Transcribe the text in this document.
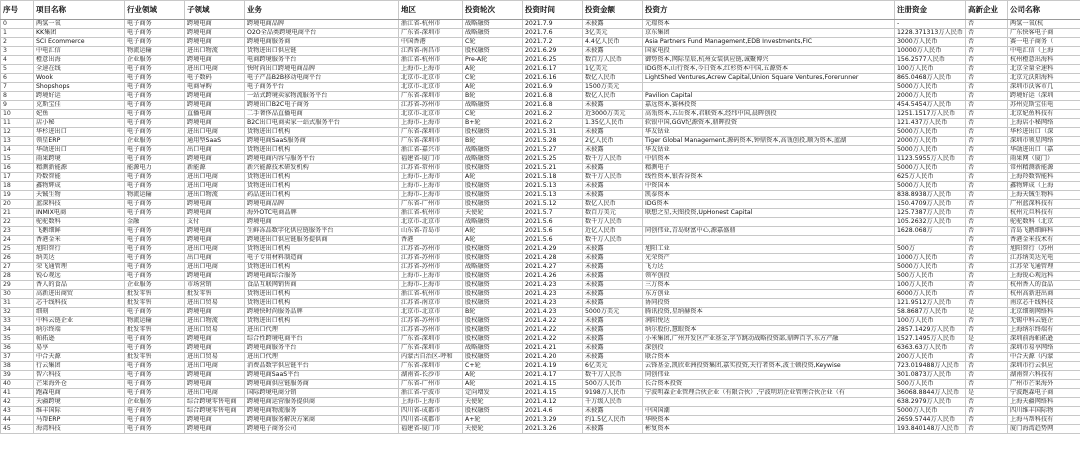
序号	项目名称	行业领域	子领域	业务	地区	投资轮次	投资时间	投资金额	投资方	注册资金	高新企业	公司名称
0	两氢一氧	电子商务	跨境电商	跨境电商品牌	浙江省-杭州市	战略融资	2021.7.9	未披露	元璟资本	-	否	两氢一氧(杭
1	KK集团	电子商务	跨境电商	O2O全品类跨境电商平台	广东省-深圳市	战略融资	2021.7.6	3亿美元	京东集团	1228.371313万人民币	否	广东快客电子商
2	SCI Ecommerce	电子商务	跨境电商	跨境电商服务商	中国香港	C轮	2021.7.2	4.4亿人民币	Asia Partners Fund Management,EDB Investments,FIC	3000万人民币	否	赛一电子商务（
3	中电汇信	物流运输	进出口物流	货物进出口供应链	江西省-南昌市	股权融资	2021.6.29	未披露	国家电投	10000万人民币	否	中电汇信（上海
4	橙意出海	企业服务	跨境电商	电商跨境服务平台	浙江省-杭州市	Pre-A轮	2021.6.25	数百万人民币	御势资本,网际星辰,杭州女装供应链,诚聚博兴	156.2577人民币	否	杭州橙意出海科
5	全速在线	电子商务	进出口电商	快时尚出口跨境电商品牌	上海市-上海市	A轮	2021.6.17	1亿美元	IDG资本,山行资本,今日资本,红杉资本中国,五源资本	100万人民币	否	北京全量全速科
6	Wook	电子商务	电子数码	电子产品B2B移动电商平台	北京市-北京市	C轮	2021.6.16	数亿人民币	LightShed Ventures,Acrew Capital,Union Square Ventures,Forerunner	865.0468万人民币	否	北京元沃阳海科
7	Shopshops	电子商务	电商导购	电子商务平台	北京市-北京市	A轮	2021.6.9	1500万美元		5000万人民币	否	深圳市沃客市几
8	跨境好运	电子商务	跨境电商	一站式跨境卖家物流服务平台	广东省-深圳市	B轮	2021.6.8	数亿人民币	Pavilion Capital	2000万人民币	否	跨境好运（深圳
9	克斯宝佳	电子商务	跨境电商	跨境出口B2C电子商务	江苏省-苏州市	战略融资	2021.6.8	未披露	嘉远资本,赛林投资	454.5454万人民币	否	苏州克斯宝佳电
10	妃鱼	电子商务	直播电商	二手奢侈品直播电商	北京市-北京市	C轮	2021.6.2	近3000万美元	高瓴资本,五岳资本,君联资本,经纬中国,晨晖创投	1251.1517万人民币	否	北京妃鱼科技有
11	店小秘	电子商务	跨境电商	B2C出口电商卖家一站式服务平台	上海市-上海市	B+轮	2021.6.2	1.35亿人民币	软银中国,GGV纪源资本,鼎晖投资	121.437万人民币	否	上海店小秘网络
12	华杉进出口	电子商务	进出口电商	货物进出口机构	广东省-深圳市	股权融资	2021.5.31	未披露	华友钴业	5000万人民币	否	华杉进出口（深
13	领星ERP	企业服务	通用型SaaS	跨境电商SaaS服务商	广东省-深圳市	B轮	2021.5.28	2亿人民币	Tiger Global Management,源码资本,钟鼎资本,高瓴创投,顺为资本,蓝湖	2000万人民币	否	深圳市领星网络
14	华勋进出口	电子商务	出口电商	货物进出口机构	浙江省-嘉兴市	战略融资	2021.5.27	未披露	华友钴业	5000万人民币	否	华勋进出口（嘉
15	雨果跨境	电子商务	跨境电商	跨境电商内容与服务平台	福建省-厦门市	战略融资	2021.5.25	数千万人民币	中信资本	1123.5955万人民币	否	雨果网（厦门）
16	精测新能源	能源电力	新能源	新兴能源技术研发机构	江苏省-常州市	股权融资	2021.5.21	未披露	精测电子	5000万人民币	否	常州精测新能源
17	羚数智能	电子商务	进出口电商	货物进出口机构	上海市-上海市	A轮	2021.5.18	数千万人民币	线性资本,银杏谷资本	625万人民币	否	上海羚数智能科
18	鑫物辉成	电子商务	进出口电商	货物进出口机构	上海市-上海市	股权融资	2021.5.13	未披露	中资国本	5000万人民币	否	鑫物辉成（上海
19	天铖生物	物流运输	进出口物流	药品进出口机构	上海市-上海市	股权融资	2021.5.13	未披露	凯泰资本	838.8938万人民币	否	上海天铖生物科
20	蓝深科技	电子商务	跨境电商	跨境电商品牌	广东省-广州市	股权融资	2021.5.12	数亿人民币	IDG资本	150.4709万人民币	否	广州蓝深科技有
21	INMIX电商	电子商务	跨境电商	海外OTC电商品牌	浙江省-杭州市	天使轮	2021.5.7	数百万美元	联想之星,天图投资,UpHonest Capital	125.7387万人民币	否	杭州元旦科技有
22	驼驼数科	金融	支付	跨境电商	北京市-北京市	战略融资	2021.5.6	数千万人民币		105.2632万人民币	否	驼驼数科（北京
23	飞鹅细鲜	电子商务	跨境电商	生鲜冻品数字化供应链服务平台	山东省-青岛市	A轮	2021.5.6	近亿人民币	同创伟业,青岛财富中心,源嘉盛鼎	1628.068万	否	青岛飞鹅细鲜科
24	香港金米	电子商务	跨境电商	跨境进出口供应链服务提供商	香港	A轮	2021.5.6	数千万人民币			否	香港金米技术有
25	旭阳智行	电子商务	进出口电商	货物进出口机构	江苏省-苏州市	股权融资	2021.4.29	未披露	旭阳工业	500万	否	旭阳智行（苏州
26	纳美达	电子商务	出口电商	电子专用材料制造商	江苏省-苏州市	股权融资	2021.4.28	未披露	光荣资产	1000万人民币	否	江苏纳美达光电
27	荣飞通管理	电子商务	进出口电商	货物进出口机构	江苏省-苏州市	战略融资	2021.4.27	未披露	飞力达	5000万人民币	否	江苏荣飞通管理
28	锐心观远	电子商务	跨境电商	跨境电商综合服务	上海市-上海市	股权融资	2021.4.26	未披露	领军创投	500万人民币	否	上海锐心观远科
29	香人的食品	企业服务	市场营销	食品互联网销售商	上海市-上海市	股权融资	2021.4.23	未披露	三万资本	100万人民币	否	杭州香人的食品
30	高新进出商贸	批发零售	批发零售	货物进出口机构	浙江省-杭州市	股权融资	2021.4.23	未披露	东方创业	6000万人民币	否	杭州高新进出商
31	芯千线科技	批发零售	进出口贸易	货物进出口机构	江苏省-南京市	股权融资	2021.4.23	未披露	协同投资	121.9512万人民币	否	南京芯千线科技
32	细刻	电子商务	跨境电商	跨境快时尚服务品牌	北京市-北京市	B轮	2021.4.23	5000万美元	腾讯投资,星纳赫资本	58.8687万人民币	是	北京细刻网络科
33	中科云链企业	物流运输	进出口物流	货物进出口机构	江苏省-苏州市	股权融资	2021.4.22	未披露	润阳悦达	100万人民币	否	无锡中科云链企
34	纳尔终端	批发零售	进出口贸易	进出口代理	江苏省-苏州市	股权融资	2021.4.22	未披露	纳尔股份,慧眼资本	2857.1429万人民币	否	上海纳尔终端有
35	帕拓逊	电子商务	跨境电商	综合性跨境电商平台	广东省-深圳市	股权融资	2021.4.22	未披露	小米集团,广州开发区产业基金,字节跳动战略投资部,鼎晖百孚,东方产融	1527.1495万人民币	是	深圳前海帕拓逊
36	易享	电子商务	跨境电商	跨境电商服务平台	广东省-深圳市	战略融资	2021.4.21	未披露	深创投	6363.63万人民币	否	深圳市易享网络
37	中合天源	批发零售	进出口贸易	进出口代理	内蒙古自治区-呼和	股权融资	2021.4.20	未披露	联合资本	200万人民币	否	中合天源（内蒙
38	行云集团	电子商务	进出口电商	消费品数字供应链平台	广东省-深圳市	C+轮	2021.4.19	6亿美元	云锋基金,凯欣亚洲投资集团,嘉实投资,天行者资本,波士顿投资,Keywise	723.019488万人民币	否	深圳市行云供应
39	智六科技	电子商务	跨境电商	跨境电商SaaS平台	湖南省-长沙市	A轮	2021.4.17	数千万人民币	同创伟业	301.0873万人民币	否	湖南智六科技有
40	芒果海外仓	电子商务	跨境电商	跨境电商供应链服务商	广东省-广州市	A轮	2021.4.15	500万人民币	长合资本投资	500万人民币	否	广州市芒果海外
41	跑森电商	电子商务	进出口电商	国际跨境电商分销	浙江省-宁波市	定向增发	2021.4.15	9198万人民币	宁波明森企业管理合伙企业（有限合伙）,宁波明玥企业管理合伙企业（有	36068.8844万人民币	是	宁波跑森电子商
42	天疆跨境	企业服务	综合跨境零售电商	跨境电商运营服务提供商	上海市-上海市	天使轮	2021.4.12	千万级人民币		638.2979万人民币	否	上海天疆网络科
43	维丰国际	电子商务	综合跨境零售电商	跨境电商物流服务	四川省-成都市	股权融资	2021.4.6	未披露	中国国潮	5000万人民币	否	四川维丰国际物
44	马帮ERP	电子商务	跨境电商	跨境电商服务解决方案商	四川省-成都市	A+轮	2021.3.29	约1.5亿人民币	华映资本	2659.5744万人民币	否	上海马帮科技有
45	海湾科技	电子商务	跨境电商	跨境电子商务公司	福建省-厦门市	天使轮	2021.3.26	未披露	彬复资本	193.840148万人民币	否	厦门海湾趋势网
